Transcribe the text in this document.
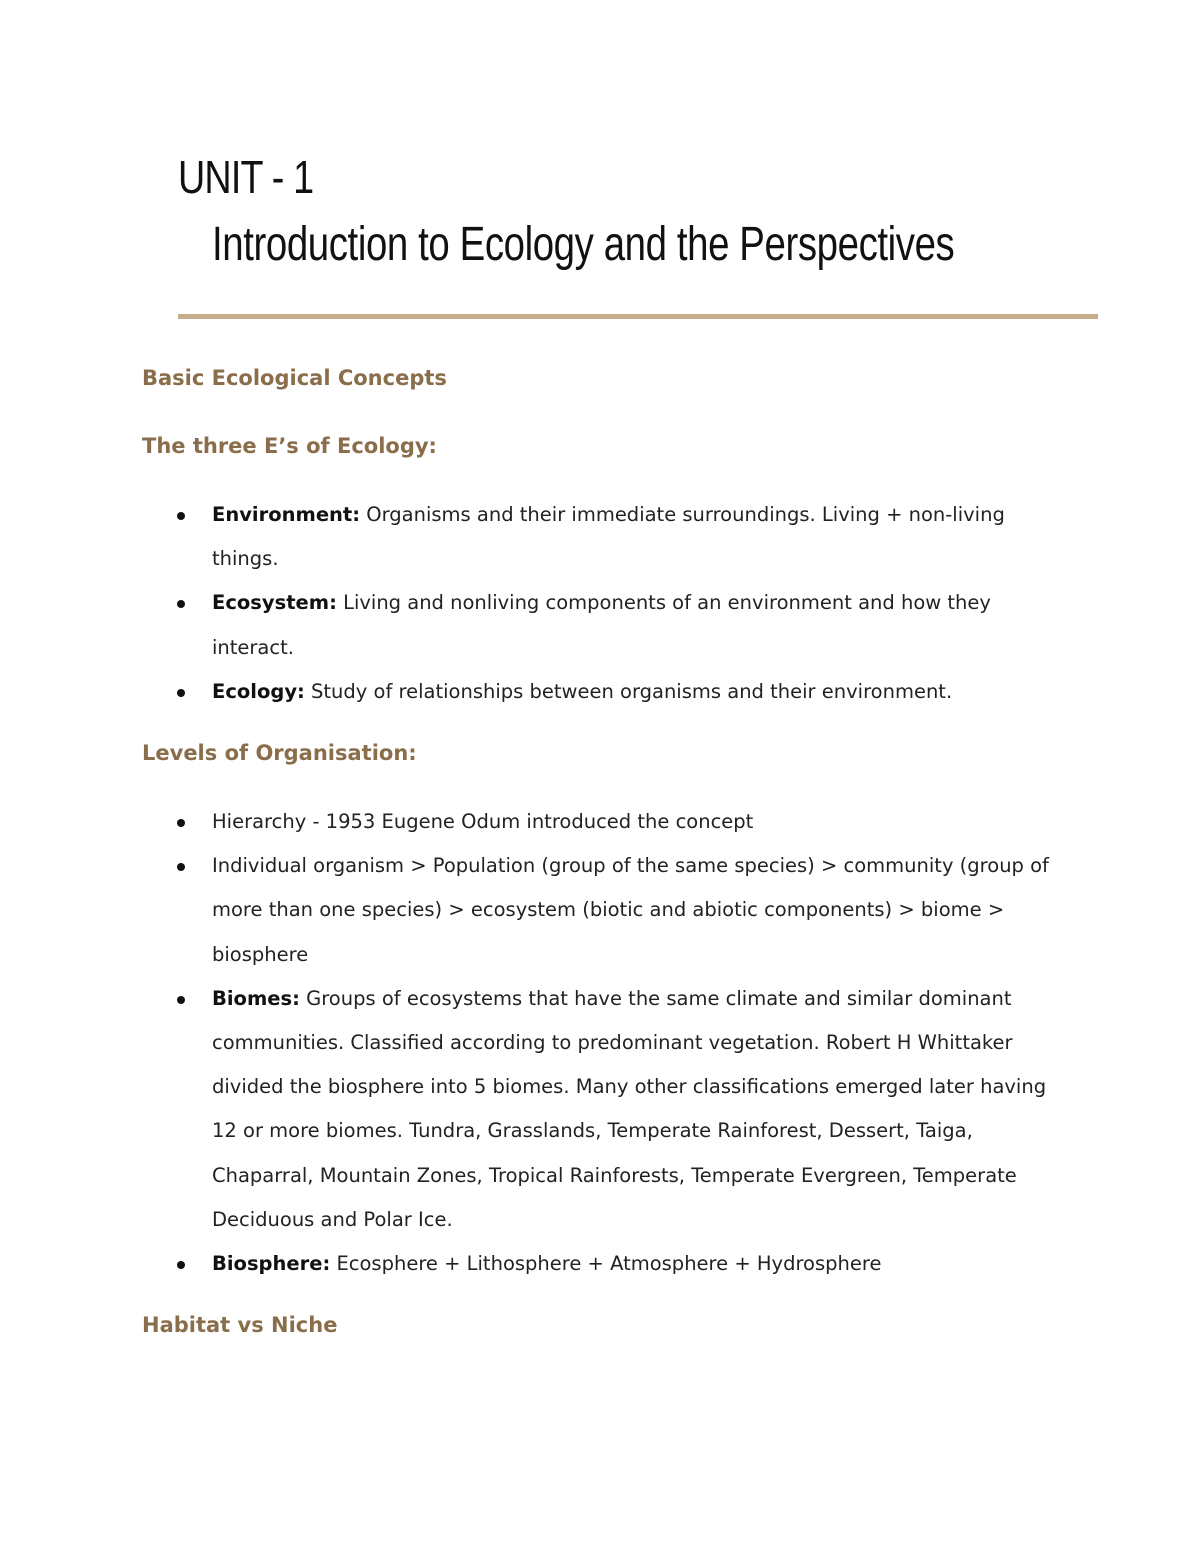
UNIT - 1
Introduction to Ecology and the Perspectives
Basic Ecological Concepts
The three E’s of Ecology:
Environment: Organisms and their immediate surroundings. Living + non-living things.
Ecosystem: Living and nonliving components of an environment and how they interact.
Ecology: Study of relationships between organisms and their environment.
Levels of Organisation:
Hierarchy - 1953 Eugene Odum introduced the concept
Individual organism > Population (group of the same species) > community (group of more than one species) > ecosystem (biotic and abiotic components) > biome > biosphere
Biomes: Groups of ecosystems that have the same climate and similar dominant communities. Classified according to predominant vegetation. Robert H Whittaker divided the biosphere into 5 biomes. Many other classifications emerged later having 12 or more biomes. Tundra, Grasslands, Temperate Rainforest, Dessert, Taiga, Chaparral, Mountain Zones, Tropical Rainforests, Temperate Evergreen, Temperate Deciduous and Polar Ice.
Biosphere: Ecosphere + Lithosphere + Atmosphere + Hydrosphere
Habitat vs Niche
